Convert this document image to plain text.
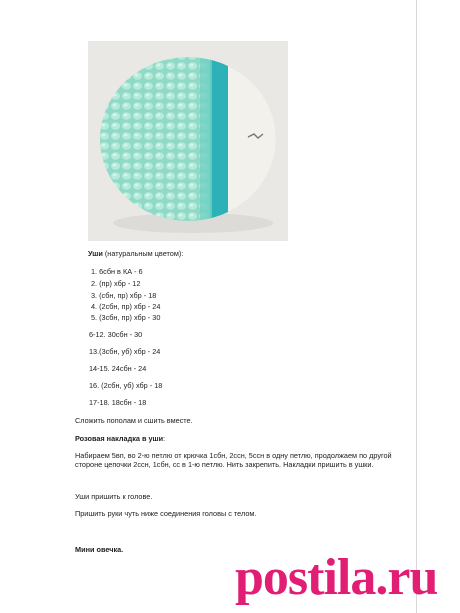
Уши (натуральным цветом):
1. 6сбн в КА - 6
2. (пр) хбр - 12
3. (сбн, пр) хбр - 18
4. (2сбн, пр) хбр - 24
5. (3сбн, пр) хбр - 30
6-12. 30сбн - 30
13.(3сбн, уб) хбр - 24
14-15. 24сбн - 24
16. (2сбн, уб) хбр - 18
17-18. 18сбн - 18
Сложить пополам и сшить вместе.
Розовая накладка в уши:
Набираем 5вп, во 2-ю петлю от крючка 1сбн, 2ссн, 5ссн в одну петлю, продолжаем по другой стороне цепочки 2ссн, 1сбн, сс в 1-ю петлю. Нить закрепить. Накладки пришить в ушки.
Уши пришить к голове.
Пришить руки чуть ниже соединения головы с телом.
Мини овечка. postila.ru
